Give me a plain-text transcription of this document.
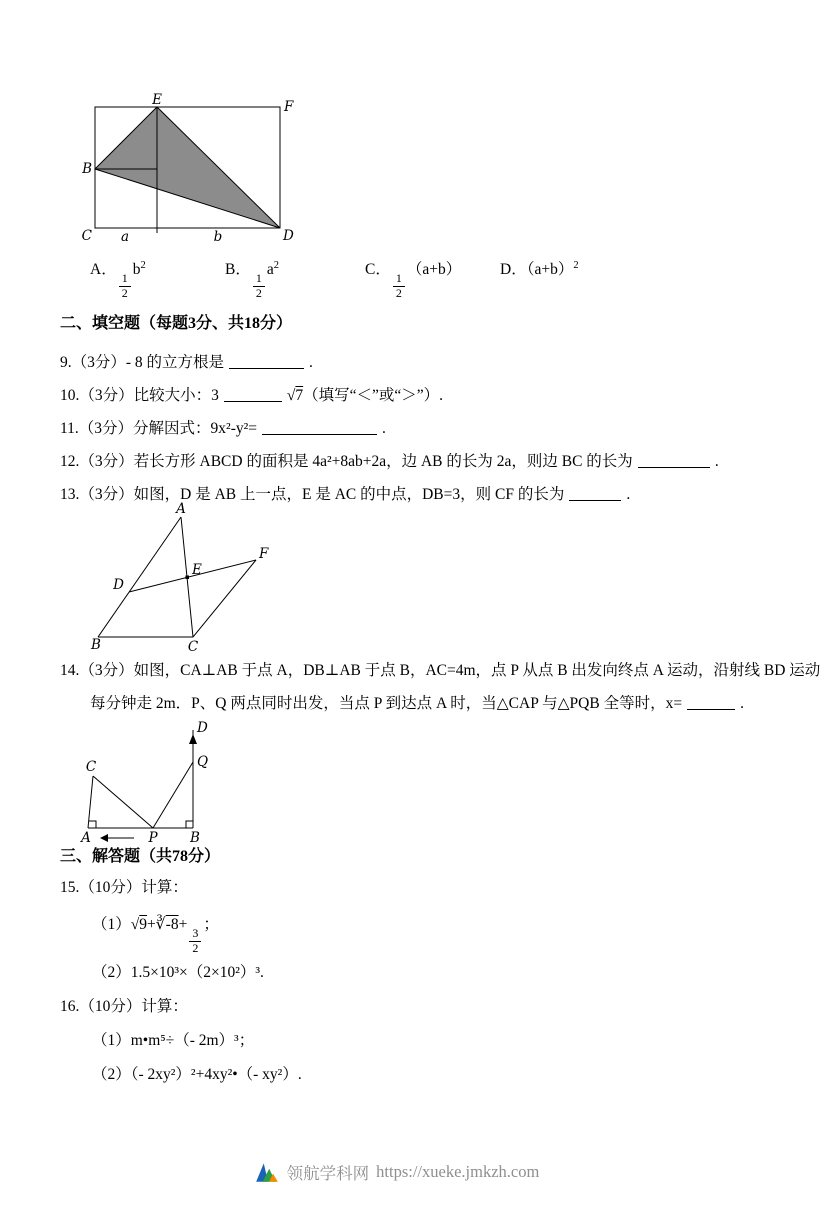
E	F
B
C	D
a	b
A．
$\frac{1}{2}$
$b^2$	B．
$\frac{1}{2}$
$a^2$	C．
$\frac{1}{2}$
（a+b）	D．$(a+b)^2$

二、填空题（每题3分、共18分）

9.（3分）- 8 的立方根是	.

10.（3分）比较大小：3	√7（填写“＜”或“＞”）.

11.（3分）分解因式：9x²-y²=	.

12.（3分）若长方形 ABCD 的面积是 4a²+8ab+2a，边 AB 的长为 2a，则边 BC 的长为	.

13.（3分）如图，D 是 AB 上一点，E 是 AC 的中点，DB=3，则 CF 的长为	.

A
B	C
D
E
F

14.（3分）如图，CA⊥AB 于点 A，DB⊥AB 于点 B，AC=4m，点 P 从点 B 出发向终点 A 运动，沿射线 BD 运动

每分钟走 2m．P、Q 两点同时出发，当点 P 到达点 A 时，当△CAP 与△PQB 全等时，x=	.

D
Q
C
A	P B

三、解答题（共78分）

15.（10分）计算：

（1）√9+∛-8+
$\frac{3}{2}$
；

（2）1.5×10³×（2×10²）³.

16.（10分）计算：

（1）m•m⁵÷（- 2m）³；

（2）（- 2xy²）²+4xy²•（- xy²）.

领航学科网 https://xueke.jmkzh.com
